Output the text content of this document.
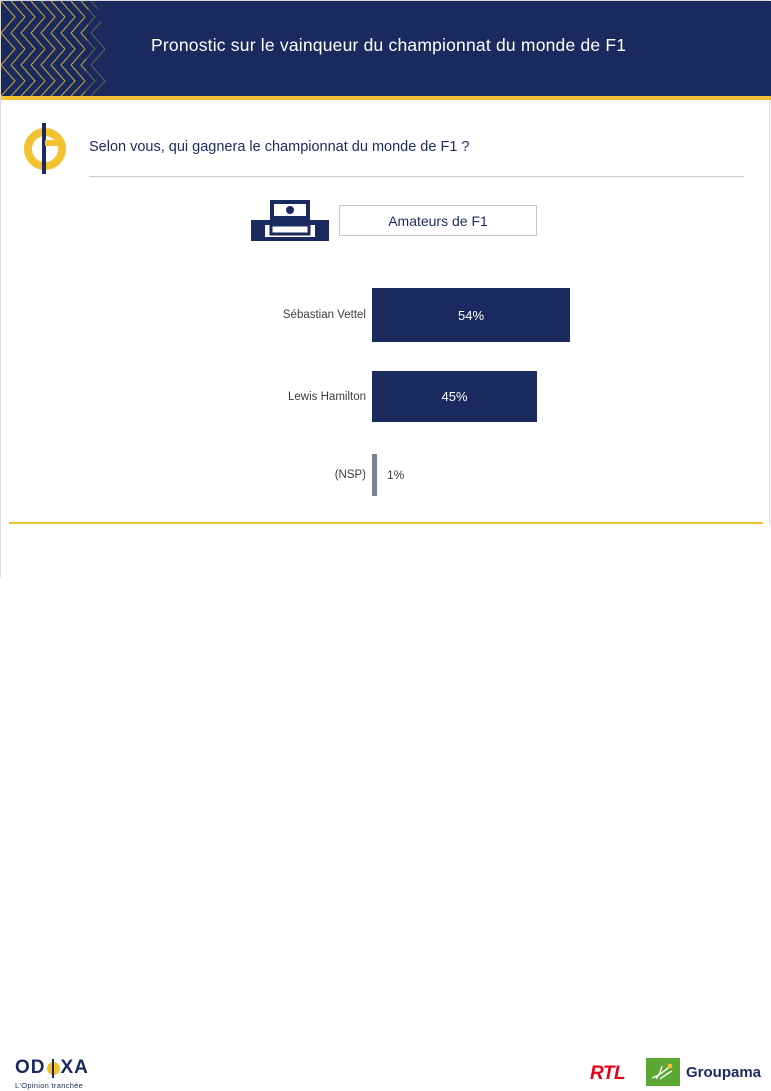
Pronostic sur le vainqueur du championnat du monde de F1
Selon vous, qui gagnera le championnat du monde de F1 ?
Amateurs de F1
Sébastian Vettel	54%
Lewis Hamilton	45%
(NSP)	1%
OD XA
L'Opinion tranchée
RTL	Groupama
